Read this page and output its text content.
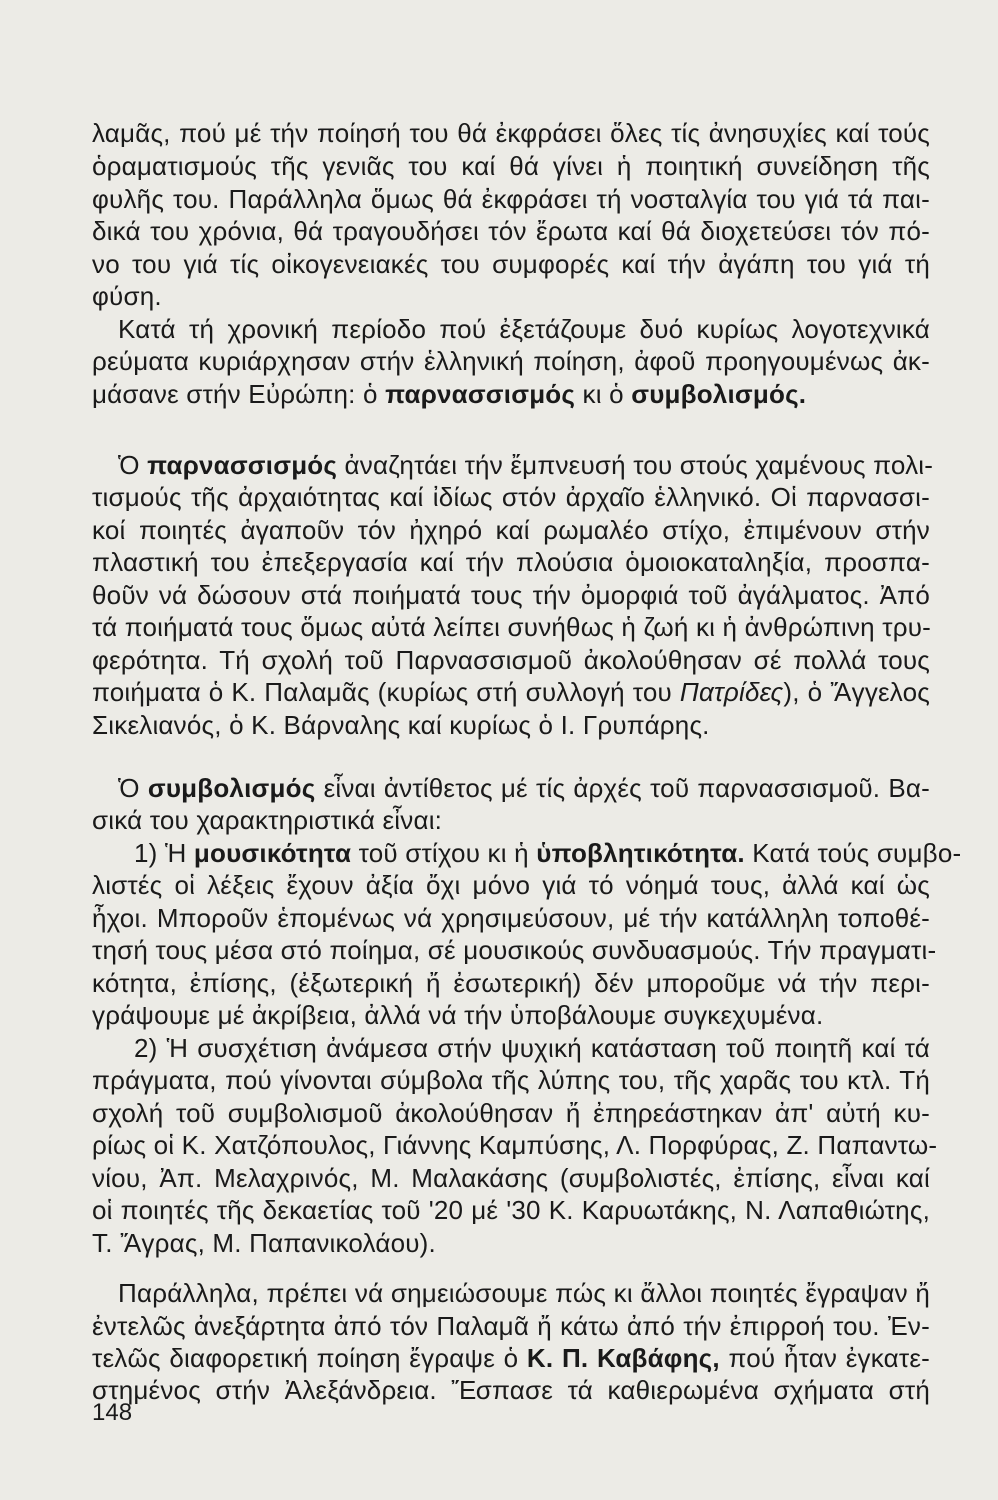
λαμᾶς, πού μέ τήν ποίησή του θά ἐκφράσει ὅλες τίς ἀνησυχίες καί τούς
ὁραματισμούς τῆς γενιᾶς του καί θά γίνει ἡ ποιητική συνείδηση τῆς
φυλῆς του. Παράλληλα ὅμως θά ἐκφράσει τή νοσταλγία του γιά τά παι-
δικά του χρόνια, θά τραγουδήσει τόν ἔρωτα καί θά διοχετεύσει τόν πό-
νο του γιά τίς οἰκογενειακές του συμφορές καί τήν ἀγάπη του γιά τή
φύση.
Κατά τή χρονική περίοδο πού ἐξετάζουμε δυό κυρίως λογοτεχνικά
ρεύματα κυριάρχησαν στήν ἑλληνική ποίηση, ἀφοῦ προηγουμένως ἀκ-
μάσανε στήν Εὐρώπη: ὁ παρνασσισμός κι ὁ συμβολισμός.
Ὁ παρνασσισμός ἀναζητάει τήν ἔμπνευσή του στούς χαμένους πολι-
τισμούς τῆς ἀρχαιότητας καί ἰδίως στόν ἀρχαῖο ἑλληνικό. Οἱ παρνασσι-
κοί ποιητές ἀγαποῦν τόν ἠχηρό καί ρωμαλέο στίχο, ἐπιμένουν στήν
πλαστική του ἐπεξεργασία καί τήν πλούσια ὁμοιοκαταληξία, προσπα-
θοῦν νά δώσουν στά ποιήματά τους τήν ὀμορφιά τοῦ ἀγάλματος. Ἀπό
τά ποιήματά τους ὅμως αὐτά λείπει συνήθως ἡ ζωή κι ἡ ἀνθρώπινη τρυ-
φερότητα. Τή σχολή τοῦ Παρνασσισμοῦ ἀκολούθησαν σέ πολλά τους
ποιήματα ὁ Κ. Παλαμᾶς (κυρίως στή συλλογή του Πατρίδες), ὁ Ἄγγελος
Σικελιανός, ὁ Κ. Βάρναλης καί κυρίως ὁ Ι. Γρυπάρης.
Ὁ συμβολισμός εἶναι ἀντίθετος μέ τίς ἀρχές τοῦ παρνασσισμοῦ. Βα-
σικά του χαρακτηριστικά εἶναι:
1) Ἡ μουσικότητα τοῦ στίχου κι ἡ ὑποβλητικότητα. Κατά τούς συμβο-
λιστές οἱ λέξεις ἔχουν ἀξία ὄχι μόνο γιά τό νόημά τους, ἀλλά καί ὡς
ἦχοι. Μποροῦν ἑπομένως νά χρησιμεύσουν, μέ τήν κατάλληλη τοποθέ-
τησή τους μέσα στό ποίημα, σέ μουσικούς συνδυασμούς. Τήν πραγματι-
κότητα, ἐπίσης, (ἐξωτερική ἤ ἐσωτερική) δέν μποροῦμε νά τήν περι-
γράψουμε μέ ἀκρίβεια, ἀλλά νά τήν ὑποβάλουμε συγκεχυμένα.
2) Ἡ συσχέτιση ἀνάμεσα στήν ψυχική κατάσταση τοῦ ποιητῆ καί τά
πράγματα, πού γίνονται σύμβολα τῆς λύπης του, τῆς χαρᾶς του κτλ. Τή
σχολή τοῦ συμβολισμοῦ ἀκολούθησαν ἤ ἐπηρεάστηκαν ἀπ' αὐτή κυ-
ρίως οἱ Κ. Χατζόπουλος, Γιάννης Καμπύσης, Λ. Πορφύρας, Ζ. Παπαντω-
νίου, Ἀπ. Μελαχρινός, Μ. Μαλακάσης (συμβολιστές, ἐπίσης, εἶναι καί
οἱ ποιητές τῆς δεκαετίας τοῦ '20 μέ '30 Κ. Καρυωτάκης, Ν. Λαπαθιώτης,
Τ. Ἄγρας, Μ. Παπανικολάου).
Παράλληλα, πρέπει νά σημειώσουμε πώς κι ἄλλοι ποιητές ἔγραψαν ἤ
ἐντελῶς ἀνεξάρτητα ἀπό τόν Παλαμᾶ ἤ κάτω ἀπό τήν ἐπιρροή του. Ἐν-
τελῶς διαφορετική ποίηση ἔγραψε ὁ Κ. Π. Καβάφης, πού ἦταν ἐγκατε-
στημένος στήν Ἀλεξάνδρεια. Ἔσπασε τά καθιερωμένα σχήματα στή
148
